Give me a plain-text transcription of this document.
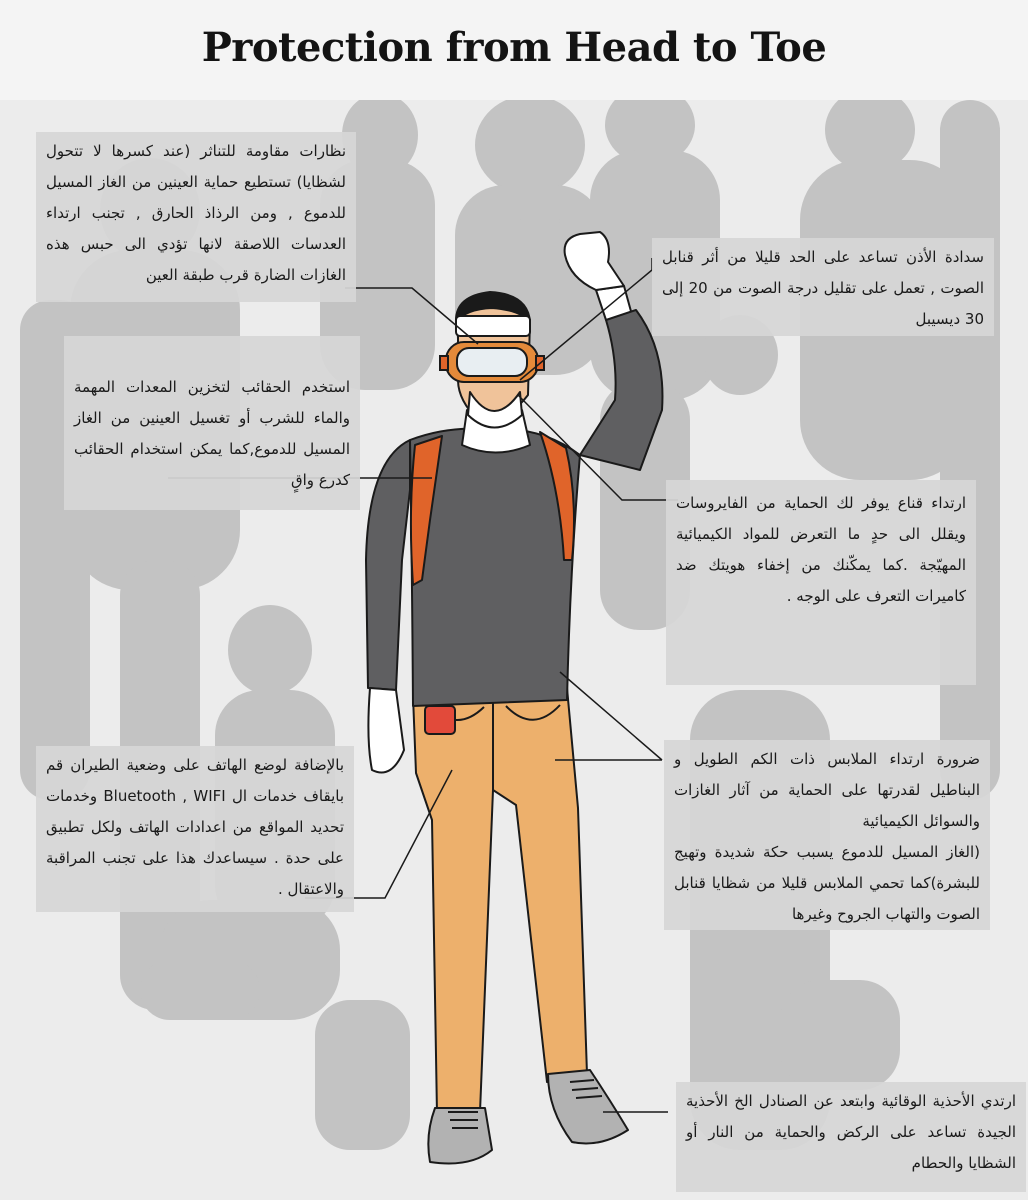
Protection from Head to Toe

نظارات مقاومة للتناثر (عند كسرها لا تتحول لشظايا) تستطيع حماية العينين من الغاز المسيل للدموع , ومن الرذاذ الحارق , تجنب ارتداء العدسات اللاصقة لانها تؤدي الى حبس هذه الغازات الضارة قرب طبقة العين

سدادة الأذن تساعد على الحد قليلا من أثر قنابل الصوت , تعمل على تقليل درجة الصوت من 20 إلى 30 ديسيبل

استخدم الحقائب لتخزين المعدات المهمة والماء للشرب أو تغسيل العينين من الغاز المسيل للدموع,كما يمكن استخدام الحقائب كدرع واقٍ

ارتداء قناع يوفر لك الحماية من الفايروسات ويقلل الى حدٍ ما التعرض للمواد الكيميائية المهيّجة .كما يمكّنك من إخفاء هويتك ضد كاميرات التعرف على الوجه .

بالإضافة لوضع الهاتف على وضعية الطيران قم بايقاف خدمات ال Bluetooth , WIFI وخدمات تحديد المواقع من اعدادات الهاتف ولكل تطبيق على حدة . سيساعدك هذا على تجنب المراقبة والاعتقال .

ضرورة ارتداء الملابس ذات الكم الطويل و البناطيل لقدرتها على الحماية من آثار الغازات والسوائل الكيميائية

(الغاز المسيل للدموع يسبب حكة شديدة وتهيج للبشرة)كما تحمي الملابس قليلا من شظايا قنابل الصوت والتهاب الجروح وغيرها

ارتدي الأحذية الوقائية وابتعد عن الصنادل الخ الأحذية الجيدة تساعد على الركض والحماية من النار أو الشظايا والحطام
